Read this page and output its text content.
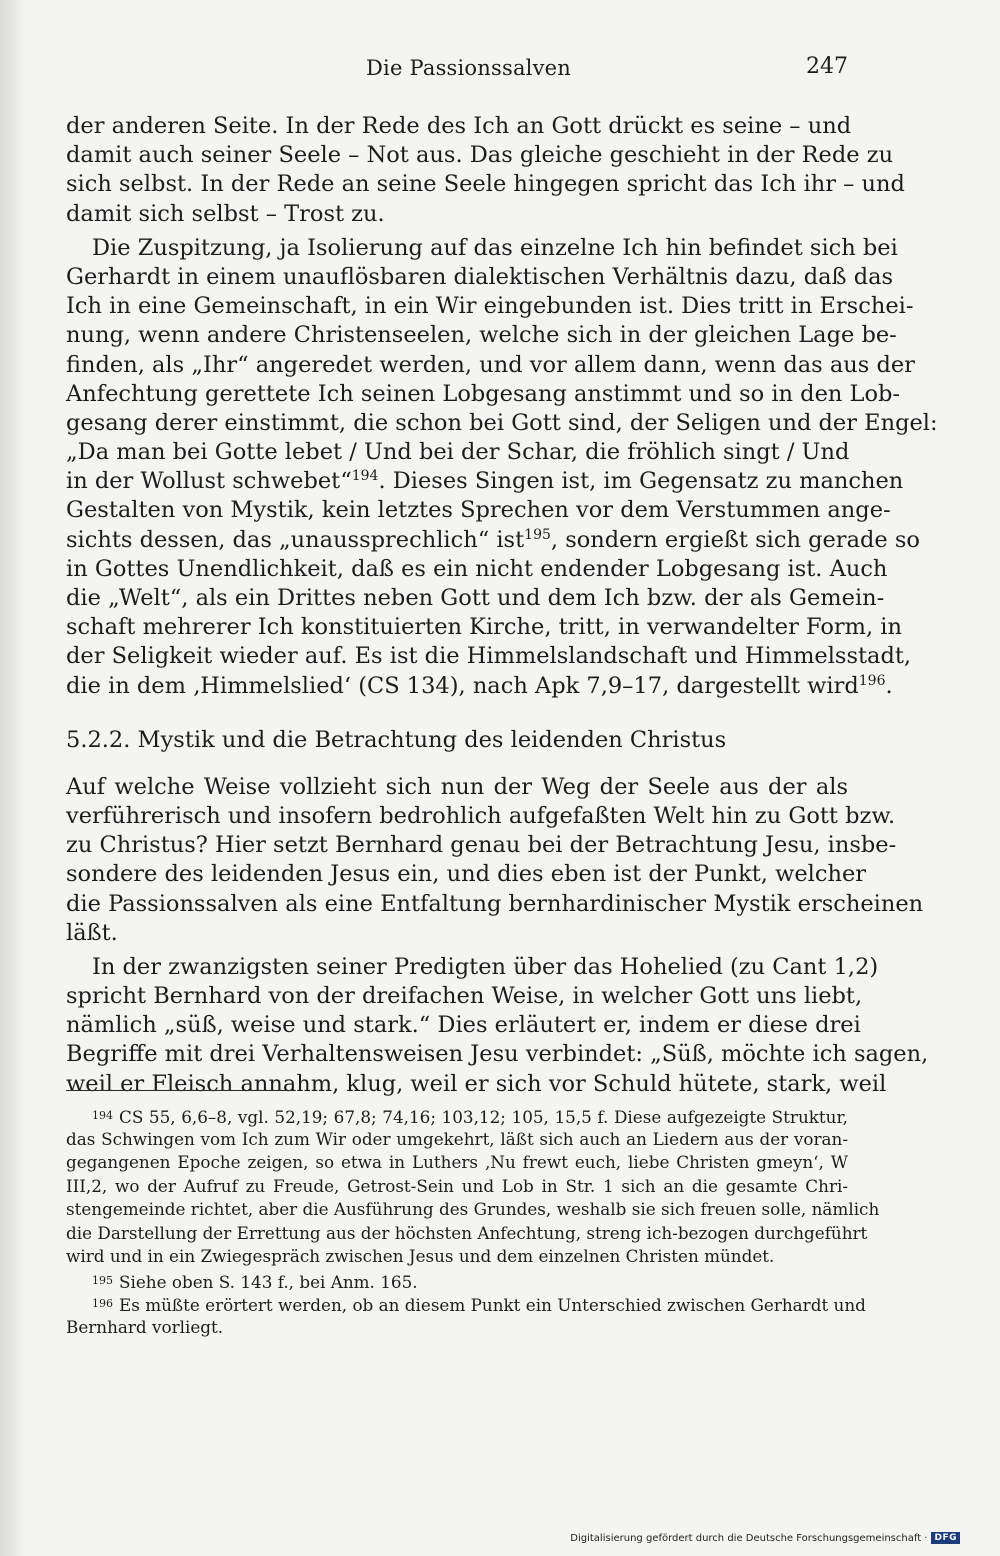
Die Passionssalven	247
der anderen Seite. In der Rede des Ich an Gott drückt es seine – und
damit auch seiner Seele – Not aus. Das gleiche geschieht in der Rede zu
sich selbst. In der Rede an seine Seele hingegen spricht das Ich ihr – und
damit sich selbst – Trost zu.
Die Zuspitzung, ja Isolierung auf das einzelne Ich hin befindet sich bei
Gerhardt in einem unauflösbaren dialektischen Verhältnis dazu, daß das
Ich in eine Gemeinschaft, in ein Wir eingebunden ist. Dies tritt in Erschei-
nung, wenn andere Christenseelen, welche sich in der gleichen Lage be-
finden, als „Ihr“ angeredet werden, und vor allem dann, wenn das aus der
Anfechtung gerettete Ich seinen Lobgesang anstimmt und so in den Lob-
gesang derer einstimmt, die schon bei Gott sind, der Seligen und der Engel:
„Da man bei Gotte lebet / Und bei der Schar, die fröhlich singt / Und
in der Wollust schwebet“$^{194}$. Dieses Singen ist, im Gegensatz zu manchen
Gestalten von Mystik, kein letztes Sprechen vor dem Verstummen ange-
sichts dessen, das „unaussprechlich“ ist$^{195}$, sondern ergießt sich gerade so
in Gottes Unendlichkeit, daß es ein nicht endender Lobgesang ist. Auch
die „Welt“, als ein Drittes neben Gott und dem Ich bzw. der als Gemein-
schaft mehrerer Ich konstituierten Kirche, tritt, in verwandelter Form, in
der Seligkeit wieder auf. Es ist die Himmelslandschaft und Himmelsstadt,
die in dem ‚Himmelslied‘ (CS 134), nach Apk 7,9–17, dargestellt wird$^{196}$.
5.2.2. Mystik und die Betrachtung des leidenden Christus
Auf welche Weise vollzieht sich nun der Weg der Seele aus der als
verführerisch und insofern bedrohlich aufgefaßten Welt hin zu Gott bzw.
zu Christus? Hier setzt Bernhard genau bei der Betrachtung Jesu, insbe-
sondere des leidenden Jesus ein, und dies eben ist der Punkt, welcher
die Passionssalven als eine Entfaltung bernhardinischer Mystik erscheinen
läßt.
In der zwanzigsten seiner Predigten über das Hohelied (zu Cant 1,2)
spricht Bernhard von der dreifachen Weise, in welcher Gott uns liebt,
nämlich „süß, weise und stark.“ Dies erläutert er, indem er diese drei
Begriffe mit drei Verhaltensweisen Jesu verbindet: „Süß, möchte ich sagen,
weil er Fleisch annahm, klug, weil er sich vor Schuld hütete, stark, weil
$^{194}$ CS 55, 6,6–8, vgl. 52,19; 67,8; 74,16; 103,12; 105, 15,5 f. Diese aufgezeigte Struktur,
das Schwingen vom Ich zum Wir oder umgekehrt, läßt sich auch an Liedern aus der voran-
gegangenen Epoche zeigen, so etwa in Luthers ‚Nu frewt euch, liebe Christen gmeyn‘, W
III,2, wo der Aufruf zu Freude, Getrost-Sein und Lob in Str. 1 sich an die gesamte Chri-
stengemeinde richtet, aber die Ausführung des Grundes, weshalb sie sich freuen solle, nämlich
die Darstellung der Errettung aus der höchsten Anfechtung, streng ich-bezogen durchgeführt
wird und in ein Zwiegespräch zwischen Jesus und dem einzelnen Christen mündet.
$^{195}$ Siehe oben S. 143 f., bei Anm. 165.
$^{196}$ Es müßte erörtert werden, ob an diesem Punkt ein Unterschied zwischen Gerhardt und
Bernhard vorliegt.
Digitalisierung gefördert durch die Deutsche Forschungsgemeinschaft · DFG
